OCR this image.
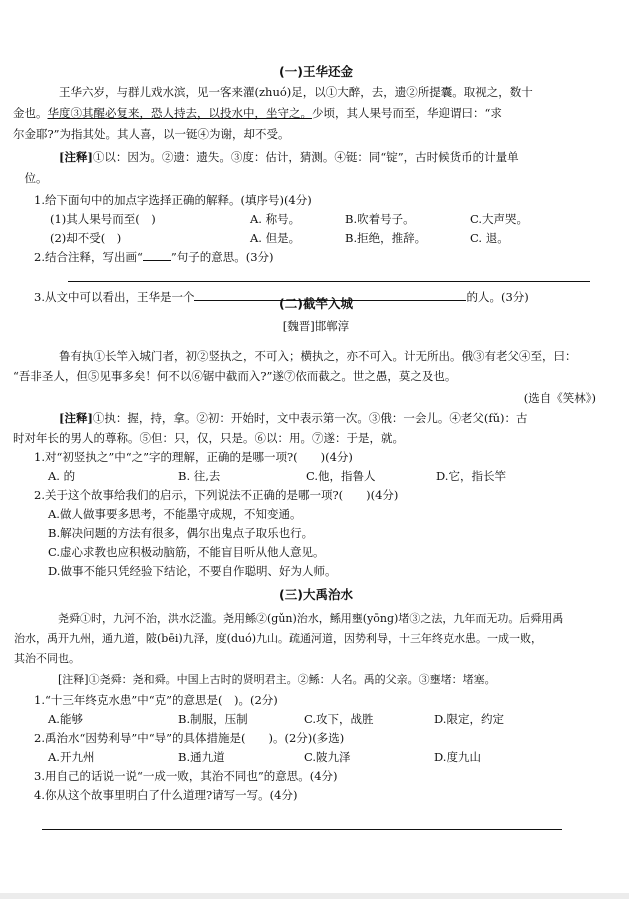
(一)王华还金
王华六岁，与群儿戏水滨，见一客来濯(zhuó)足，以①大醉，去，遗②所提囊。取视之，数十
金也。华度③其醒必复来，恐人持去，以投水中，坐守之。少顷，其人果号而至，华迎谓曰：“求
尔金耶?”为指其处。其人喜，以一铤④为谢，却不受。
[注释]①以：因为。②遗：遗失。③度：估计，猜测。④铤：同“锭”，古时候货币的计量单
位。
1.给下面句中的加点字选择正确的解释。(填序号)(4分)
(1)其人果号而至(　)	A. 称号。	B.吹着号子。	C.大声哭。
(2)却不受(　)	A. 但是。	B.拒绝，推辞。	C. 退。
2.结合注释，写出画“ ”句子的意思。(3分)
3.从文中可以看出，王华是一个	的人。(3分)
(二)截竿入城
[魏晋]邯郸淳
鲁有执①长竿入城门者，初②竖执之，不可入；横执之，亦不可入。计无所出。俄③有老父④至，曰：
“吾非圣人，但⑤见事多矣！何不以⑥锯中截而入?”遂⑦依而截之。世之愚，莫之及也。
(选自《笑林》)
[注释]①执：握，持，拿。②初：开始时，文中表示第一次。③俄：一会儿。④老父(fǔ)：古
时对年长的男人的尊称。⑤但：只，仅，只是。⑥以：用。⑦遂：于是，就。
1.对“初竖执之”中“之”字的理解，正确的是哪一项?(　　)(4分)
A. 的	B. 往,去	C.他，指鲁人	D.它，指长竿
2.关于这个故事给我们的启示，下列说法不正确的是哪一项?(　　)(4分)
A.做人做事要多思考，不能墨守成规，不知变通。
B.解决问题的方法有很多，偶尔出鬼点子取乐也行。
C.虚心求教也应积极动脑筋，不能盲目听从他人意见。
D.做事不能只凭经验下结论，不要自作聪明、好为人师。
(三)大禹治水
尧舜①时，九河不治，洪水泛滥。尧用鲧②(gǔn)治水，鲧用壅(yōng)堵③之法，九年而无功。后舜用禹
治水，禹开九州，通九道，陂(bēi)九泽，度(duó)九山。疏通河道，因势利导，十三年终克水患。一成一败，
其治不同也。
[注释]①尧舜：尧和舜。中国上古时的贤明君主。②鲧：人名。禹的父亲。③壅堵：堵塞。
1.“十三年终克水患”中“克”的意思是(　)。(2分)
A.能够	B.制服，压制	C.攻下，战胜	D.限定，约定
2.禹治水“因势利导”中“导”的具体措施是(　　)。(2分)(多选)
A.开九州	B.通九道	C.陂九泽	D.度九山
3.用自己的话说一说“一成一败，其治不同也”的意思。(4分)
4.你从这个故事里明白了什么道理?请写一写。(4分)
